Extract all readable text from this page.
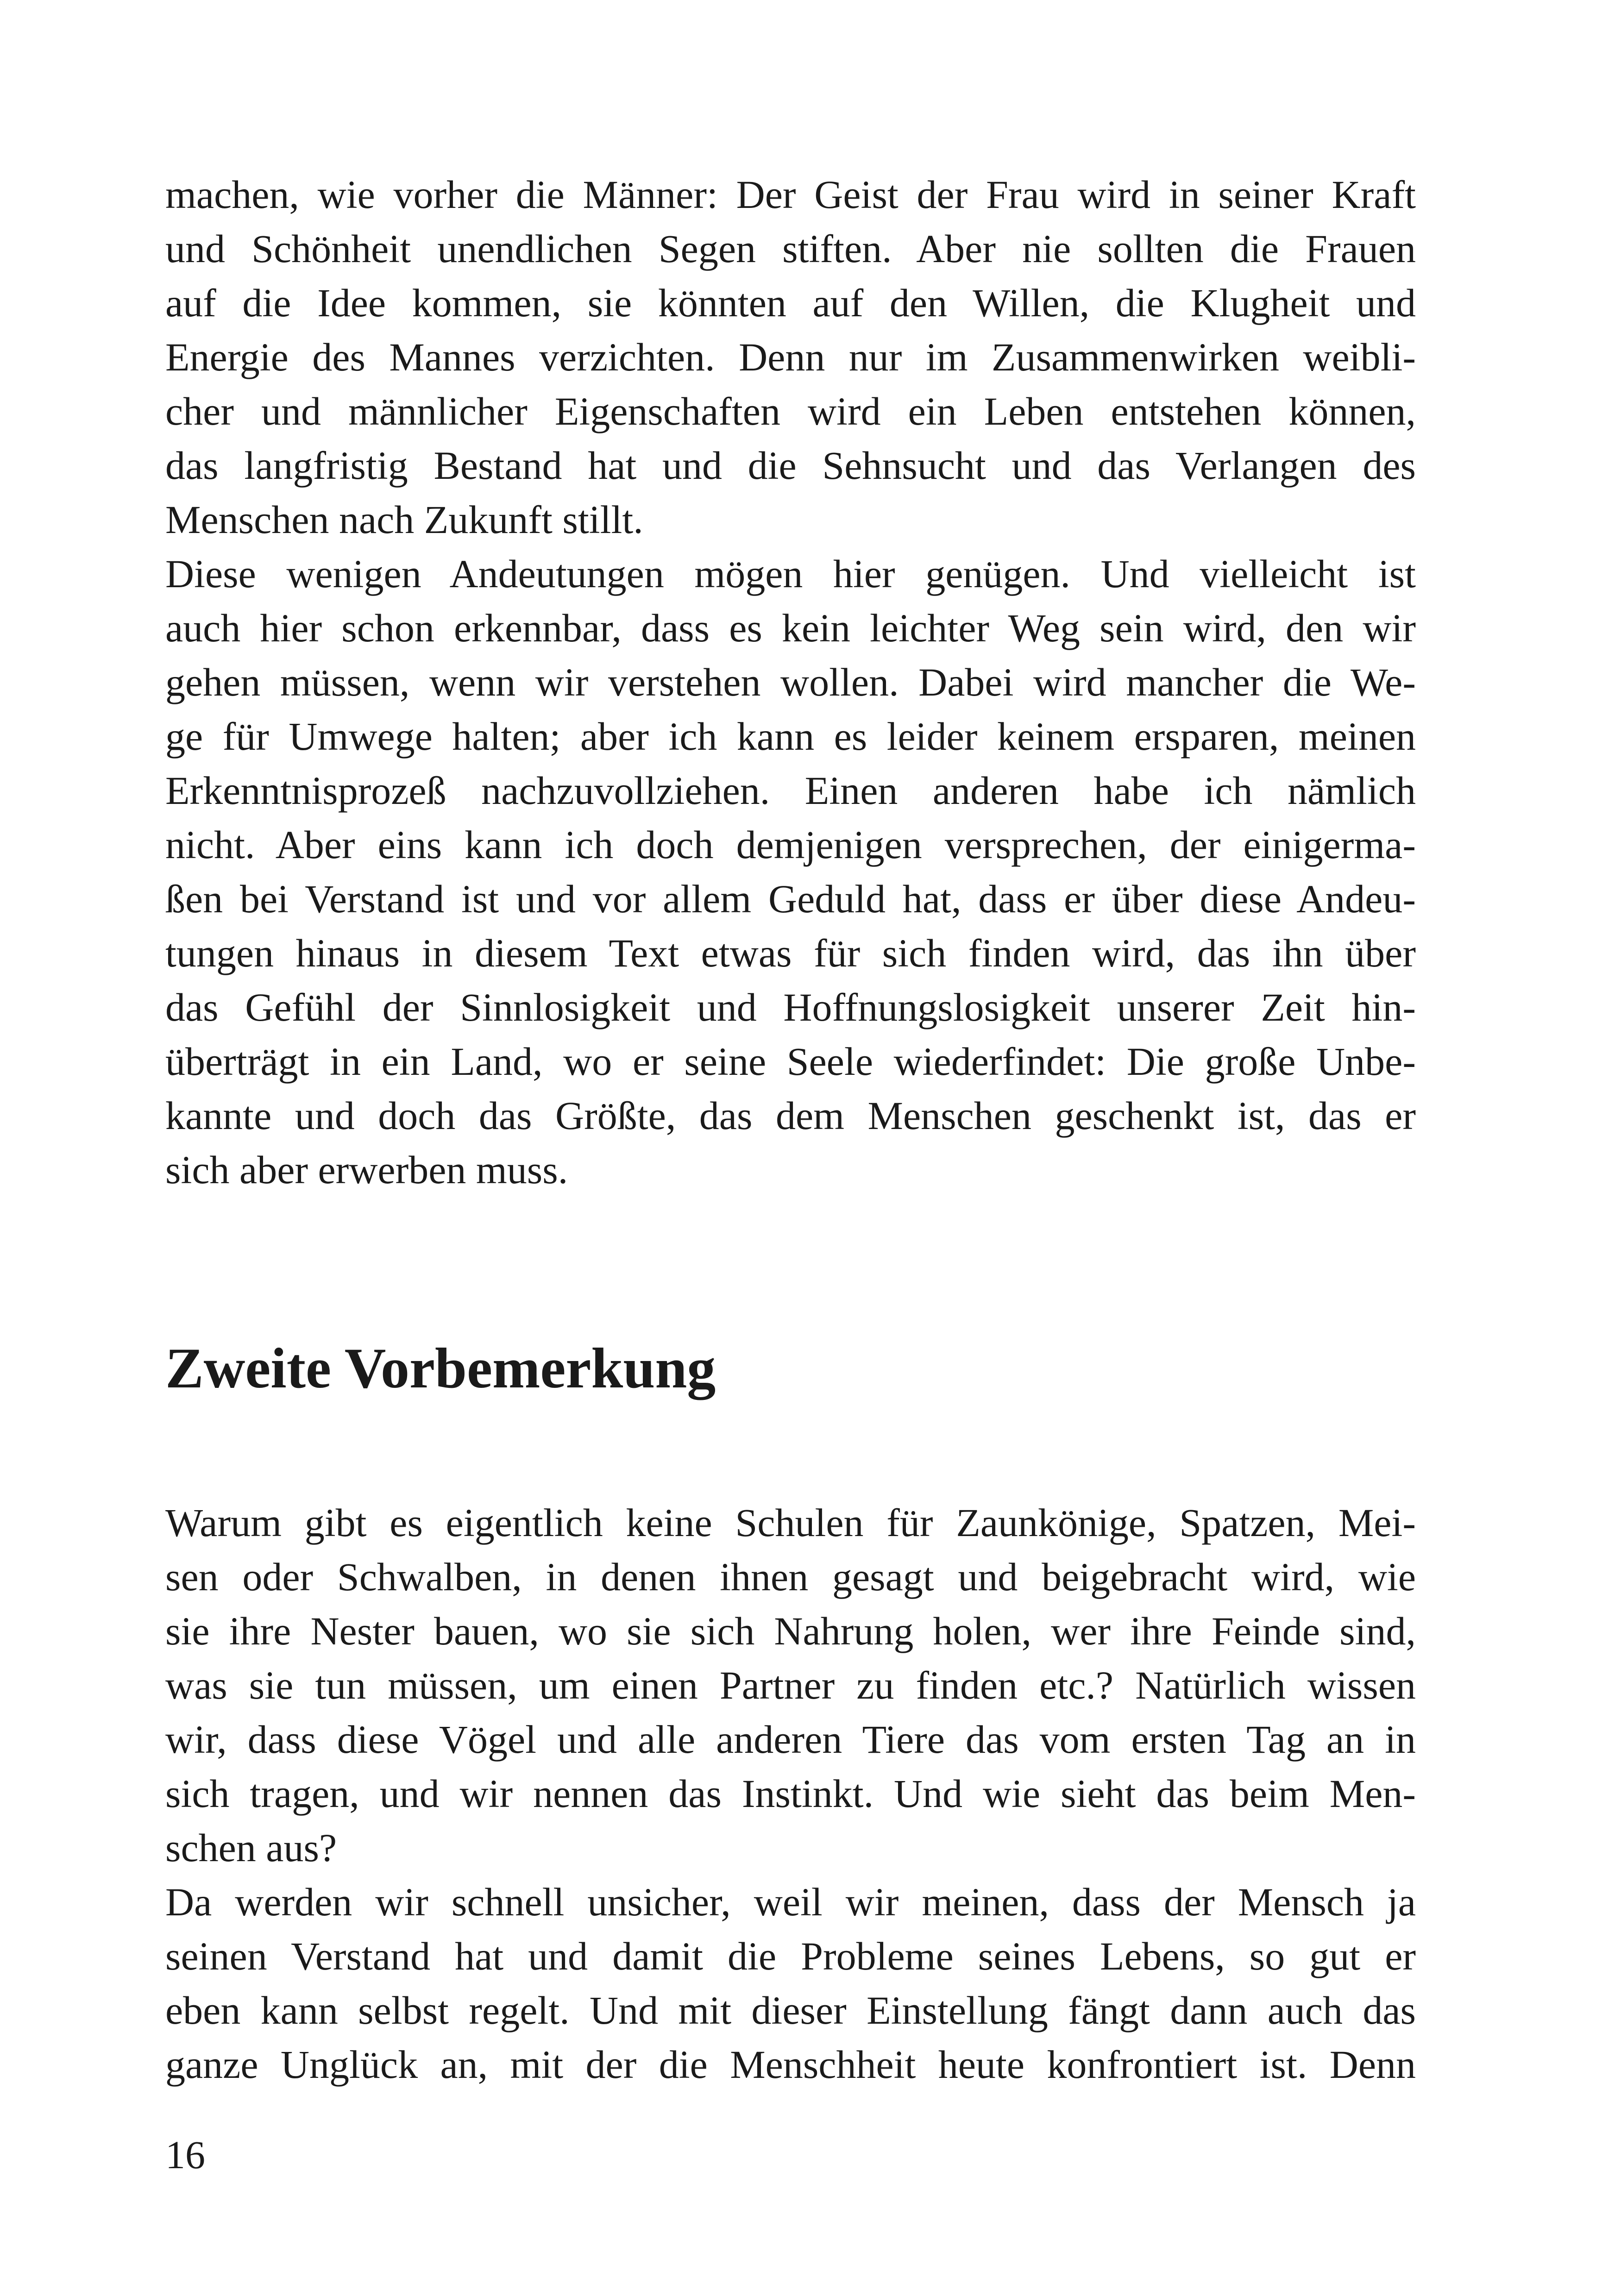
machen, wie vorher die Männer: Der Geist der Frau wird in seiner Kraft
und Schönheit unendlichen Segen stiften. Aber nie sollten die Frauen
auf die Idee kommen, sie könnten auf den Willen, die Klugheit und
Energie des Mannes verzichten. Denn nur im Zusammenwirken weibli-
cher und männlicher Eigenschaften wird ein Leben entstehen können,
das langfristig Bestand hat und die Sehnsucht und das Verlangen des
Menschen nach Zukunft stillt.
Diese wenigen Andeutungen mögen hier genügen. Und vielleicht ist
auch hier schon erkennbar, dass es kein leichter Weg sein wird, den wir
gehen müssen, wenn wir verstehen wollen. Dabei wird mancher die We-
ge für Umwege halten; aber ich kann es leider keinem ersparen, meinen
Erkenntnisprozeß nachzuvollziehen. Einen anderen habe ich nämlich
nicht. Aber eins kann ich doch demjenigen versprechen, der einigerma-
ßen bei Verstand ist und vor allem Geduld hat, dass er über diese Andeu-
tungen hinaus in diesem Text etwas für sich finden wird, das ihn über
das Gefühl der Sinnlosigkeit und Hoffnungslosigkeit unserer Zeit hin-
überträgt in ein Land, wo er seine Seele wiederfindet: Die große Unbe-
kannte und doch das Größte, das dem Menschen geschenkt ist, das er
sich aber erwerben muss.
Zweite Vorbemerkung
Warum gibt es eigentlich keine Schulen für Zaunkönige, Spatzen, Mei-
sen oder Schwalben, in denen ihnen gesagt und beigebracht wird, wie
sie ihre Nester bauen, wo sie sich Nahrung holen, wer ihre Feinde sind,
was sie tun müssen, um einen Partner zu finden etc.? Natürlich wissen
wir, dass diese Vögel und alle anderen Tiere das vom ersten Tag an in
sich tragen, und wir nennen das Instinkt. Und wie sieht das beim Men-
schen aus?
Da werden wir schnell unsicher, weil wir meinen, dass der Mensch ja
seinen Verstand hat und damit die Probleme seines Lebens, so gut er
eben kann selbst regelt. Und mit dieser Einstellung fängt dann auch das
ganze Unglück an, mit der die Menschheit heute konfrontiert ist. Denn
16
